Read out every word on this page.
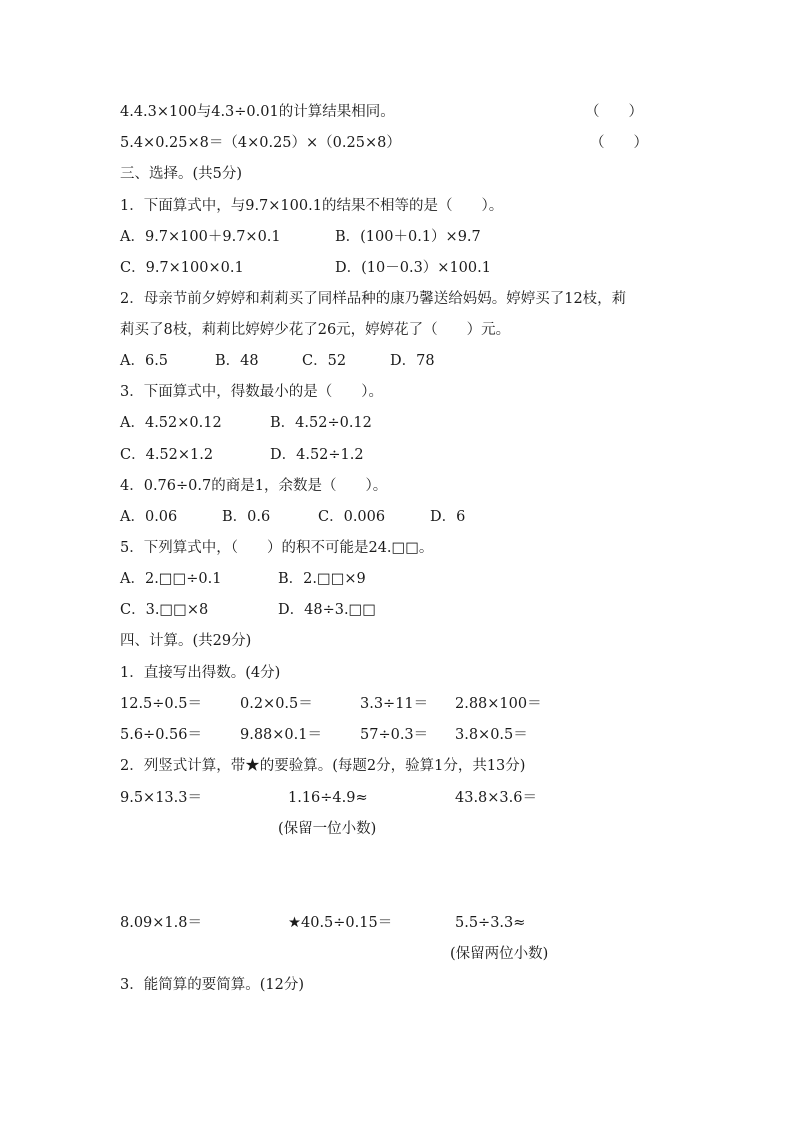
4.4.3×100与4.3÷0.01的计算结果相同。	（　　）
5.4×0.25×8＝（4×0.25）×（0.25×8）	（　　）
三、选择。(共5分)
1．下面算式中，与9.7×100.1的结果不相等的是（　　）。
A．9.7×100＋9.7×0.1	B．(100＋0.1）×9.7
C．9.7×100×0.1	D．(10－0.3）×100.1
2．母亲节前夕婷婷和莉莉买了同样品种的康乃馨送给妈妈。婷婷买了12枝，莉
莉买了8枝，莉莉比婷婷少花了26元，婷婷花了（　　）元。
A．6.5	B．48	C．52	D．78
3．下面算式中，得数最小的是（　　）。
A．4.52×0.12	B．4.52÷0.12
C．4.52×1.2	D．4.52÷1.2
4．0.76÷0.7的商是1，余数是（　　）。
A．0.06	B．0.6	C．0.006	D．6
5．下列算式中，（　　）的积不可能是24.□□。
A．2.□□÷0.1	B．2.□□×9
C．3.□□×8	D．48÷3.□□
四、计算。(共29分)
1．直接写出得数。(4分)
12.5÷0.5＝	0.2×0.5＝	3.3÷11＝ 2.88×100＝
5.6÷0.56＝	9.88×0.1＝	57÷0.3＝ 3.8×0.5＝
2．列竖式计算，带★的要验算。(每题2分，验算1分，共13分)
9.5×13.3＝	1.16÷4.9≈	43.8×3.6＝
(保留一位小数)
8.09×1.8＝	★40.5÷0.15＝	5.5÷3.3≈
(保留两位小数)
3．能简算的要简算。(12分)
